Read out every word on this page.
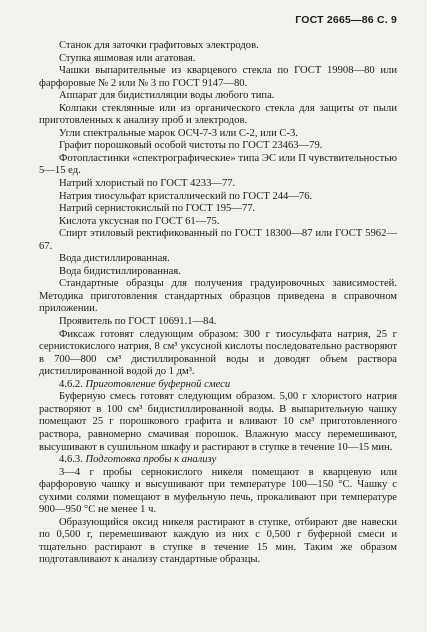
ГОСТ 2665—86 С. 9

Станок для заточки графитовых электродов.

Ступка яшмовая или агатовая.

Чашки выпарительные из кварцевого стекла по ГОСТ 19908—80 или фарфоровые № 2 или № 3 по ГОСТ 9147—80.

Аппарат для бидистилляции воды любого типа.

Колпаки стеклянные или из органического стекла для защиты от пыли приготовленных к анализу проб и электродов.

Угли спектральные марок ОСЧ-7-3 или С-2, или С-3.

Графит порошковый особой чистоты по ГОСТ 23463—79.

Фотопластинки «спектрографические» типа ЭС или П чувствительностью 5—15 ед.

Натрий хлористый по ГОСТ 4233—77.

Натрия тиосульфат кристаллический по ГОСТ 244—76.

Натрий сернистокислый по ГОСТ 195—77.

Кислота уксусная по ГОСТ 61—75.

Спирт этиловый ректификованный по ГОСТ 18300—87 или ГОСТ 5962—67.

Вода дистиллированная.

Вода бидистиллированная.

Стандартные образцы для получения градуировочных зависимостей. Методика приготовления стандартных образцов приведена в справочном приложении.

Проявитель по ГОСТ 10691.1—84.

Фиксаж готовят следующим образом: 300 г тиосульфата натрия, 25 г сернистокислого натрия, 8 см³ уксусной кислоты последовательно растворяют в 700—800 см³ дистиллированной воды и доводят объем раствора дистиллированной водой до 1 дм³.

4.6.2. Приготовление буферной смеси

Буферную смесь готовят следующим образом. 5,00 г хлористого натрия растворяют в 100 см³ бидистиллированной воды. В выпарительную чашку помещают 25 г порошкового графита и вливают 10 см³ приготовленного раствора, равномерно смачивая порошок. Влажную массу перемешивают, высушивают в сушильном шкафу и растирают в ступке в течение 10—15 мин.

4.6.3. Подготовка пробы к анализу

3—4 г пробы сернокислого никеля помещают в кварцевую или фарфоровую чашку и высушивают при температуре 100—150 °С. Чашку с сухими солями помещают в муфельную печь, прокаливают при температуре 900—950 °С не менее 1 ч.

Образующийся оксид никеля растирают в ступке, отбирают две навески по 0,500 г, перемешивают каждую из них с 0,500 г буферной смеси и тщательно растирают в ступке в течение 15 мин. Таким же образом подготавливают к анализу стандартные образцы.
